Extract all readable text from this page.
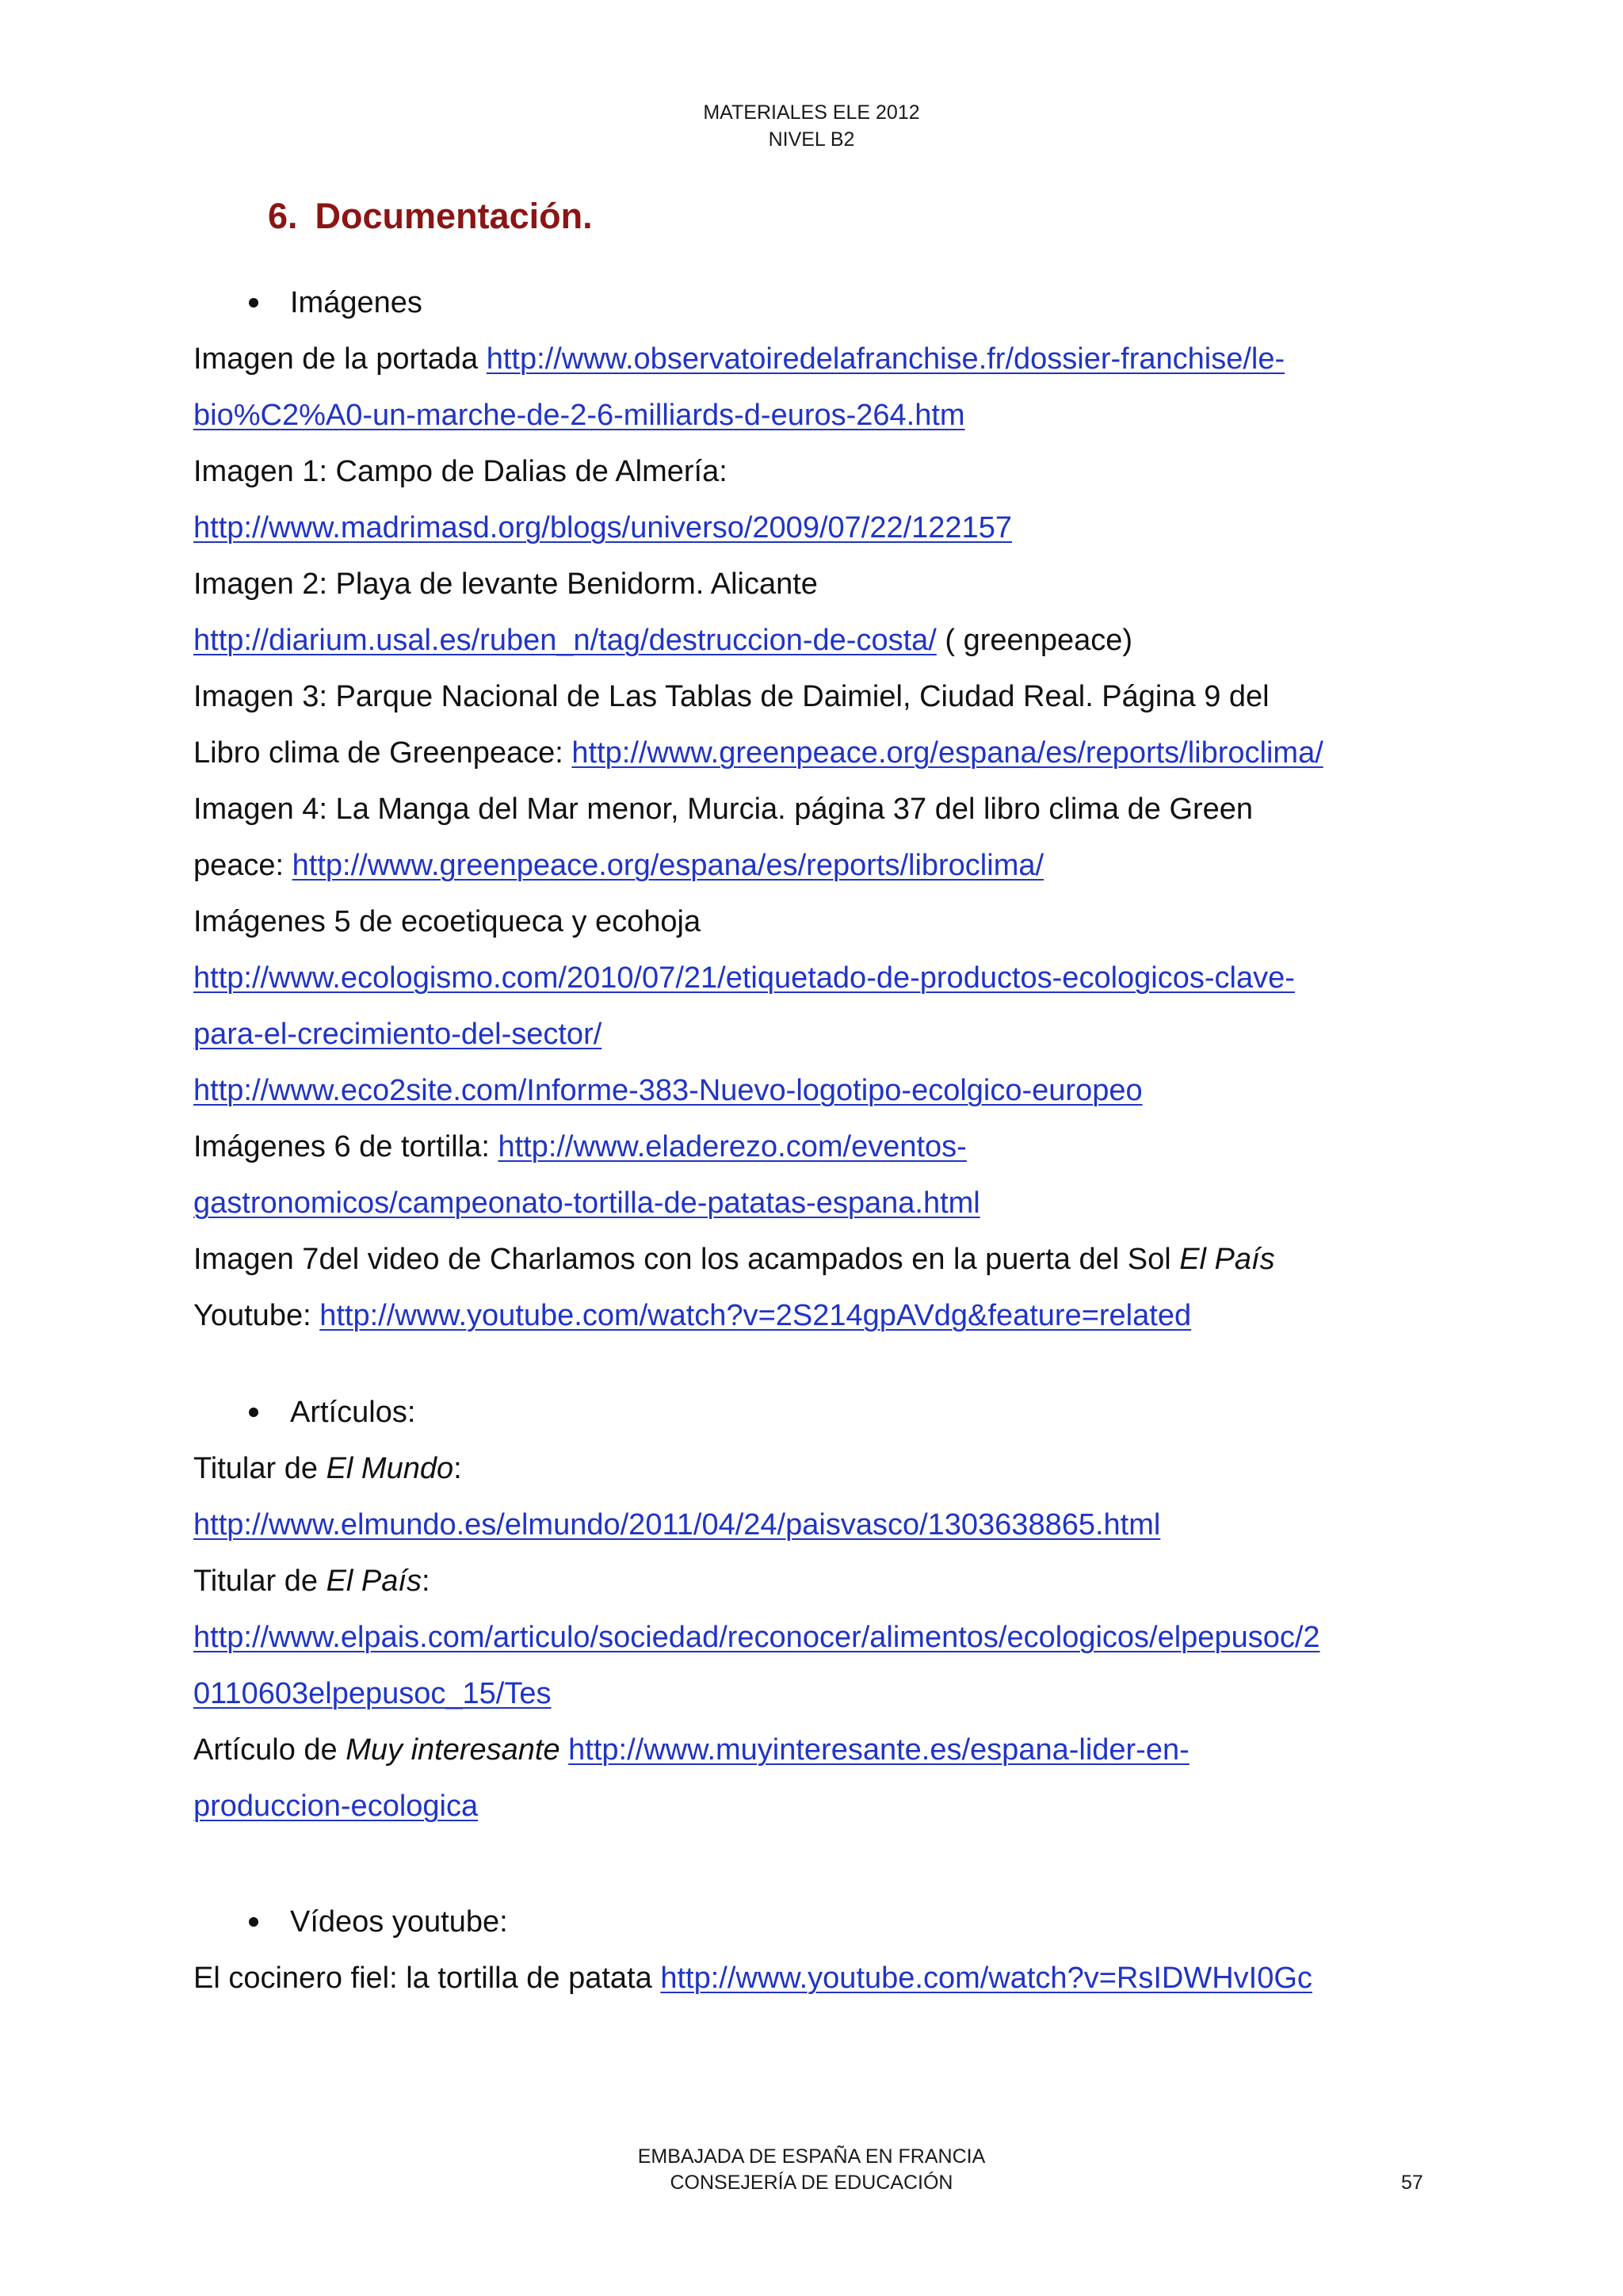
MATERIALES ELE 2012
NIVEL B2
6. Documentación.
Imágenes
Imagen de la portada http://www.observatoiredelafranchise.fr/dossier-franchise/le-
bio%C2%A0-un-marche-de-2-6-milliards-d-euros-264.htm
Imagen 1: Campo de Dalias de Almería:
http://www.madrimasd.org/blogs/universo/2009/07/22/122157
Imagen 2: Playa de levante Benidorm. Alicante
http://diarium.usal.es/ruben_n/tag/destruccion-de-costa/ ( greenpeace)
Imagen 3: Parque Nacional de Las Tablas de Daimiel, Ciudad Real. Página 9 del
Libro clima de Greenpeace: http://www.greenpeace.org/espana/es/reports/libroclima/
Imagen 4: La Manga del Mar menor, Murcia. página 37 del libro clima de Green
peace: http://www.greenpeace.org/espana/es/reports/libroclima/
Imágenes 5 de ecoetiqueca y ecohoja
http://www.ecologismo.com/2010/07/21/etiquetado-de-productos-ecologicos-clave-
para-el-crecimiento-del-sector/
http://www.eco2site.com/Informe-383-Nuevo-logotipo-ecolgico-europeo
Imágenes 6 de tortilla: http://www.eladerezo.com/eventos-
gastronomicos/campeonato-tortilla-de-patatas-espana.html
Imagen 7del video de Charlamos con los acampados en la puerta del Sol El País
Youtube: http://www.youtube.com/watch?v=2S214gpAVdg&feature=related
Artículos:
Titular de El Mundo:
http://www.elmundo.es/elmundo/2011/04/24/paisvasco/1303638865.html
Titular de El País:
http://www.elpais.com/articulo/sociedad/reconocer/alimentos/ecologicos/elpepusoc/2
0110603elpepusoc_15/Tes
Artículo de Muy interesante http://www.muyinteresante.es/espana-lider-en-
produccion-ecologica
Vídeos youtube:
El cocinero fiel: la tortilla de patata http://www.youtube.com/watch?v=RsIDWHvI0Gc
EMBAJADA DE ESPAÑA EN FRANCIA
CONSEJERÍA DE EDUCACIÓN	57
